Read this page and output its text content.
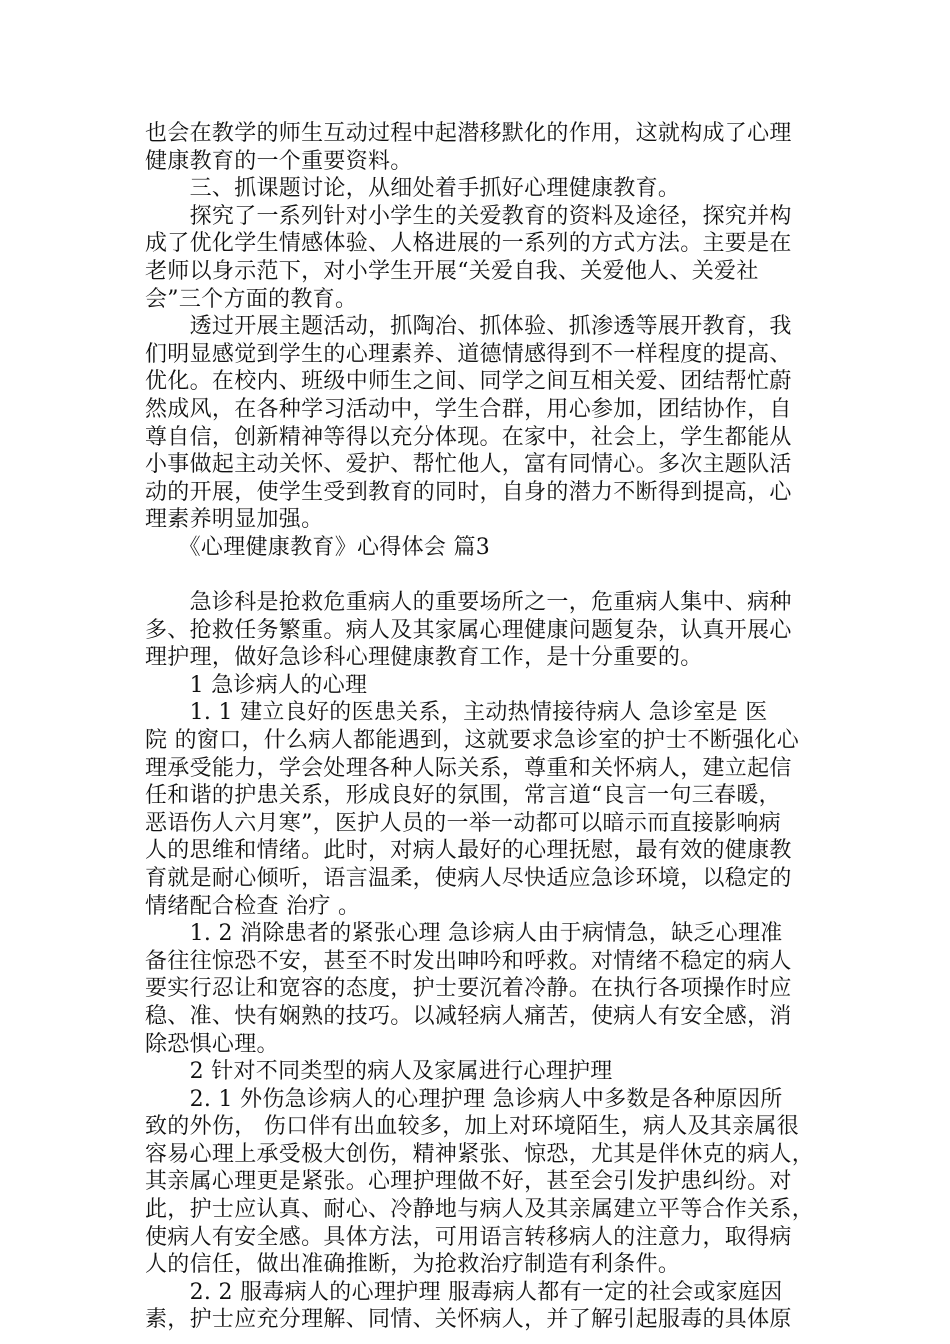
也会在教学的师生互动过程中起潜移默化的作用，这就构成了心理
健康教育的一个重要资料。
　　三、抓课题讨论，从细处着手抓好心理健康教育。
　　探究了一系列针对小学生的关爱教育的资料及途径，探究并构
成了优化学生情感体验、人格进展的一系列的方式方法。主要是在
老师以身示范下，对小学生开展“关爱自我、关爱他人、关爱社
会”三个方面的教育。
　　透过开展主题活动，抓陶冶、抓体验、抓渗透等展开教育，我
们明显感觉到学生的心理素养、道德情感得到不一样程度的提高、
优化。在校内、班级中师生之间、同学之间互相关爱、团结帮忙蔚
然成风，在各种学习活动中，学生合群，用心参加，团结协作，自
尊自信，创新精神等得以充分体现。在家中，社会上，学生都能从
小事做起主动关怀、爱护、帮忙他人，富有同情心。多次主题队活
动的开展，使学生受到教育的同时，自身的潜力不断得到提高，心
理素养明显加强。
　　《心理健康教育》心得体会 篇3
　　急诊科是抢救危重病人的重要场所之一，危重病人集中、病种
多、抢救任务繁重。病人及其家属心理健康问题复杂，认真开展心
理护理，做好急诊科心理健康教育工作，是十分重要的。
　　1 急诊病人的心理
　　1. 1 建立良好的医患关系，主动热情接待病人 急诊室是 医
院 的窗口，什么病人都能遇到，这就要求急诊室的护士不断强化心
理承受能力，学会处理各种人际关系，尊重和关怀病人，建立起信
任和谐的护患关系，形成良好的氛围，常言道“良言一句三春暖，
恶语伤人六月寒”，医护人员的一举一动都可以暗示而直接影响病
人的思维和情绪。此时，对病人最好的心理抚慰，最有效的健康教
育就是耐心倾听，语言温柔，使病人尽快适应急诊环境，以稳定的
情绪配合检查 治疗 。
　　1. 2 消除患者的紧张心理 急诊病人由于病情急，缺乏心理准
备往往惊恐不安，甚至不时发出呻吟和呼救。对情绪不稳定的病人
要实行忍让和宽容的态度，护士要沉着冷静。在执行各项操作时应
稳、准、快有娴熟的技巧。以减轻病人痛苦，使病人有安全感，消
除恐惧心理。
　　2 针对不同类型的病人及家属进行心理护理
　　2. 1 外伤急诊病人的心理护理 急诊病人中多数是各种原因所
致的外伤， 伤口伴有出血较多，加上对环境陌生，病人及其亲属很
容易心理上承受极大创伤，精神紧张、惊恐，尤其是伴休克的病人，
其亲属心理更是紧张。心理护理做不好，甚至会引发护患纠纷。对
此，护士应认真、耐心、冷静地与病人及其亲属建立平等合作关系，
使病人有安全感。具体方法，可用语言转移病人的注意力，取得病
人的信任，做出准确推断，为抢救治疗制造有利条件。
　　2. 2 服毒病人的心理护理 服毒病人都有一定的社会或家庭因
素，护士应充分理解、同情、关怀病人，并了解引起服毒的具体原
